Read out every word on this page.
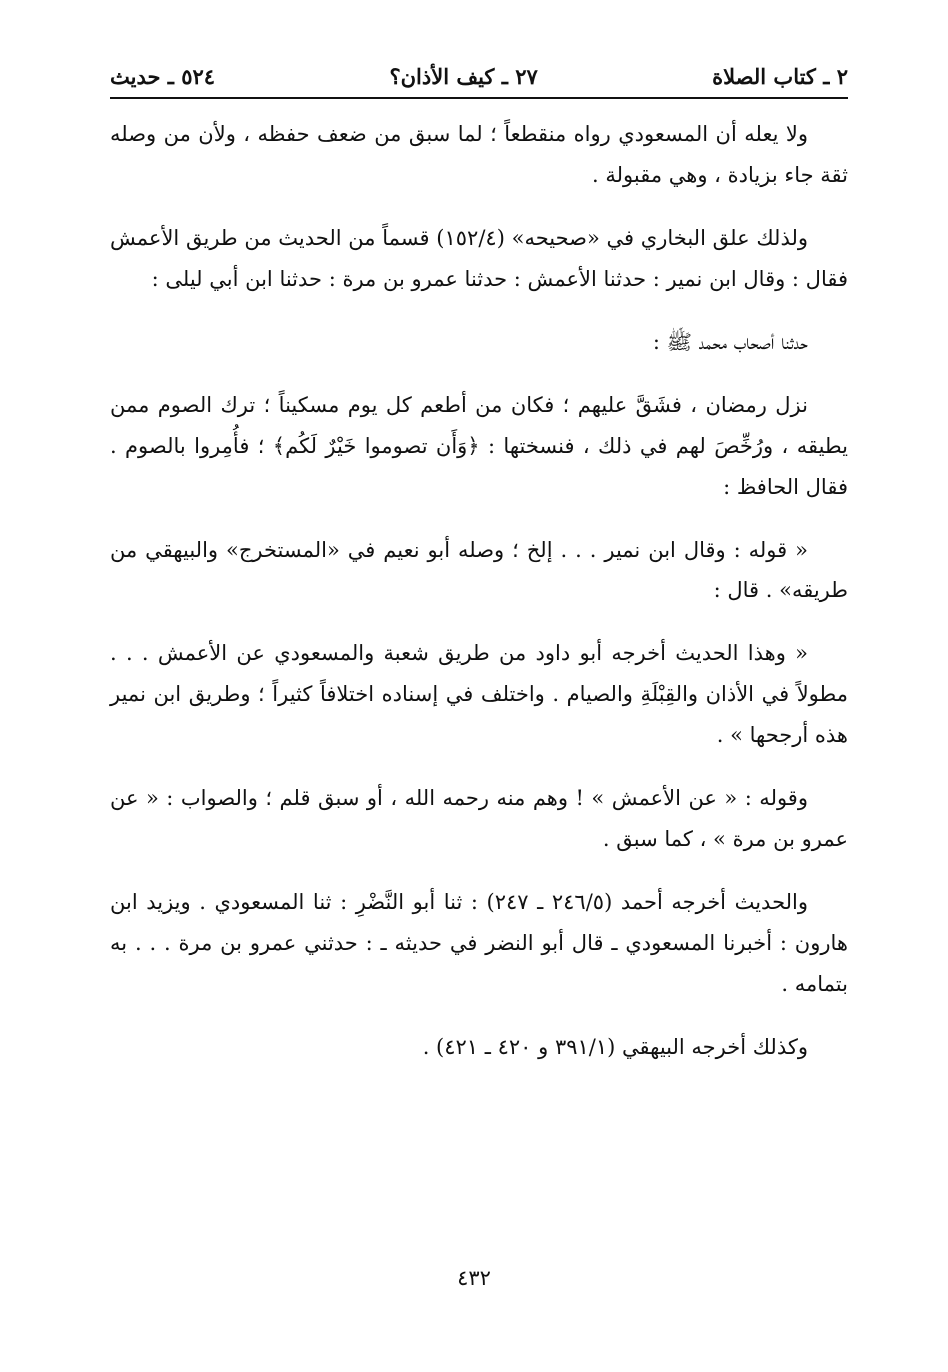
٢ ـ كتاب الصلاة
٢٧ ـ كيف الأذان؟
٥٢٤ ـ حديث

ولا يعله أن المسعودي رواه منقطعاً ؛ لما سبق من ضعف حفظه ، ولأن من وصله ثقة جاء بزيادة ، وهي مقبولة .

ولذلك علق البخاري في «صحيحه» (١٥٢/٤) قسماً من الحديث من طريق الأعمش فقال : وقال ابن نمير : حدثنا الأعمش : حدثنا عمرو بن مرة : حدثنا ابن أبي ليلى :

حدثنا أصحاب محمد ﷺ :

نزل رمضان ، فشَقَّ عليهم ؛ فكان من أطعم كل يوم مسكيناً ؛ ترك الصوم ممن يطيقه ، ورُخِّصَ لهم في ذلك ، فنسختها : ﴿وَأَن تصوموا خَيْرٌ لَكُم﴾ ؛ فأُمِروا بالصوم . فقال الحافظ :

« قوله : وقال ابن نمير . . . إلخ ؛ وصله أبو نعيم في «المستخرج» والبيهقي من طريقه» . قال :

« وهذا الحديث أخرجه أبو داود من طريق شعبة والمسعودي عن الأعمش . . . مطولاً في الأذان والقِبْلَةِ والصيام . واختلف في إسناده اختلافاً كثيراً ؛ وطريق ابن نمير هذه أرجحها » .

وقوله : « عن الأعمش » ! وهم منه رحمه الله ، أو سبق قلم ؛ والصواب : « عن عمرو بن مرة » ، كما سبق .

والحديث أخرجه أحمد (٢٤٦/٥ ـ ٢٤٧) : ثنا أبو النَّضْرِ : ثنا المسعودي . ويزيد ابن هارون : أخبرنا المسعودي ـ قال أبو النضر في حديثه ـ : حدثني عمرو بن مرة . . . به بتمامه .

وكذلك أخرجه البيهقي (٣٩١/١ و ٤٢٠ ـ ٤٢١) .

٤٣٢
